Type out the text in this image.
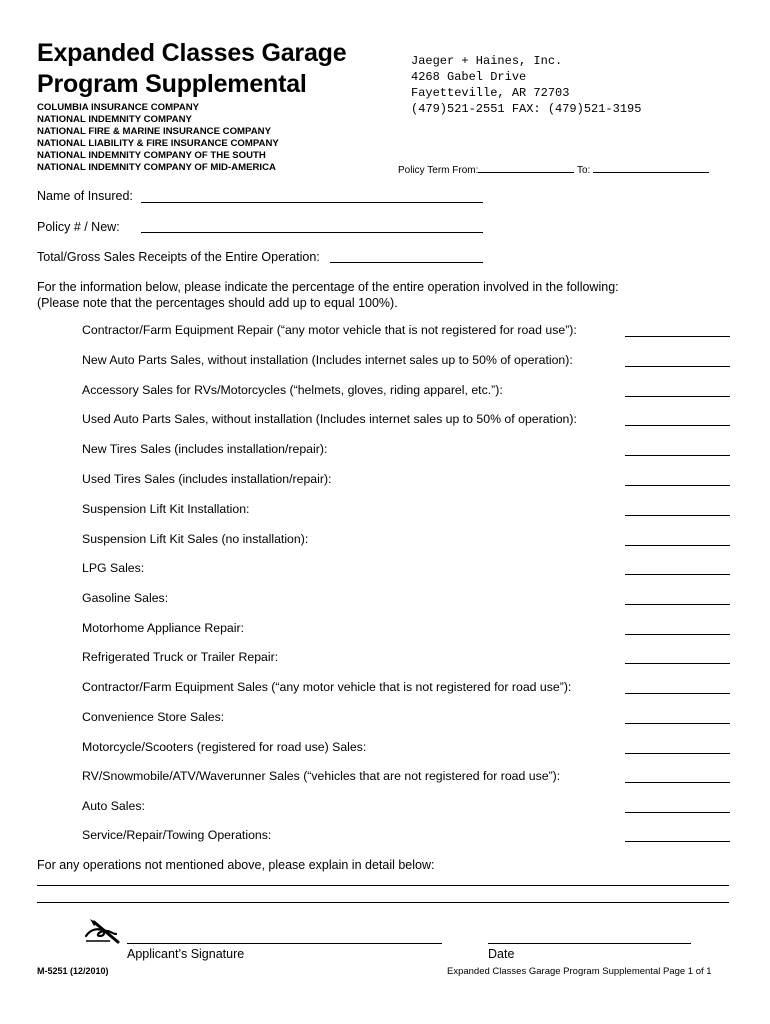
Expanded Classes Garage
Program Supplemental
COLUMBIA INSURANCE COMPANY
NATIONAL INDEMNITY COMPANY
NATIONAL FIRE & MARINE INSURANCE COMPANY
NATIONAL LIABILITY & FIRE INSURANCE COMPANY
NATIONAL INDEMNITY COMPANY OF THE SOUTH
NATIONAL INDEMNITY COMPANY OF MID-AMERICA
Jaeger + Haines, Inc.
4268 Gabel Drive
Fayetteville, AR 72703
(479)521-2551 FAX: (479)521-3195
Policy Term From:	To:
Name of Insured:
Policy # / New:
Total/Gross Sales Receipts of the Entire Operation:
For the information below, please indicate the percentage of the entire operation involved in the following:
(Please note that the percentages should add up to equal 100%).
Contractor/Farm Equipment Repair (“any motor vehicle that is not registered for road use”):
New Auto Parts Sales, without installation (Includes internet sales up to 50% of operation):
Accessory Sales for RVs/Motorcycles (“helmets, gloves, riding apparel, etc.”):
Used Auto Parts Sales, without installation (Includes internet sales up to 50% of operation):
New Tires Sales (includes installation/repair):
Used Tires Sales (includes installation/repair):
Suspension Lift Kit Installation:
Suspension Lift Kit Sales (no installation):
LPG Sales:
Gasoline Sales:
Motorhome Appliance Repair:
Refrigerated Truck or Trailer Repair:
Contractor/Farm Equipment Sales (“any motor vehicle that is not registered for road use”):
Convenience Store Sales:
Motorcycle/Scooters (registered for road use) Sales:
RV/Snowmobile/ATV/Waverunner Sales (“vehicles that are not registered for road use”):
Auto Sales:
Service/Repair/Towing Operations:
For any operations not mentioned above, please explain in detail below:
Applicant’s Signature	Date
M-5251 (12/2010)	Expanded Classes Garage Program Supplemental Page 1 of 1
